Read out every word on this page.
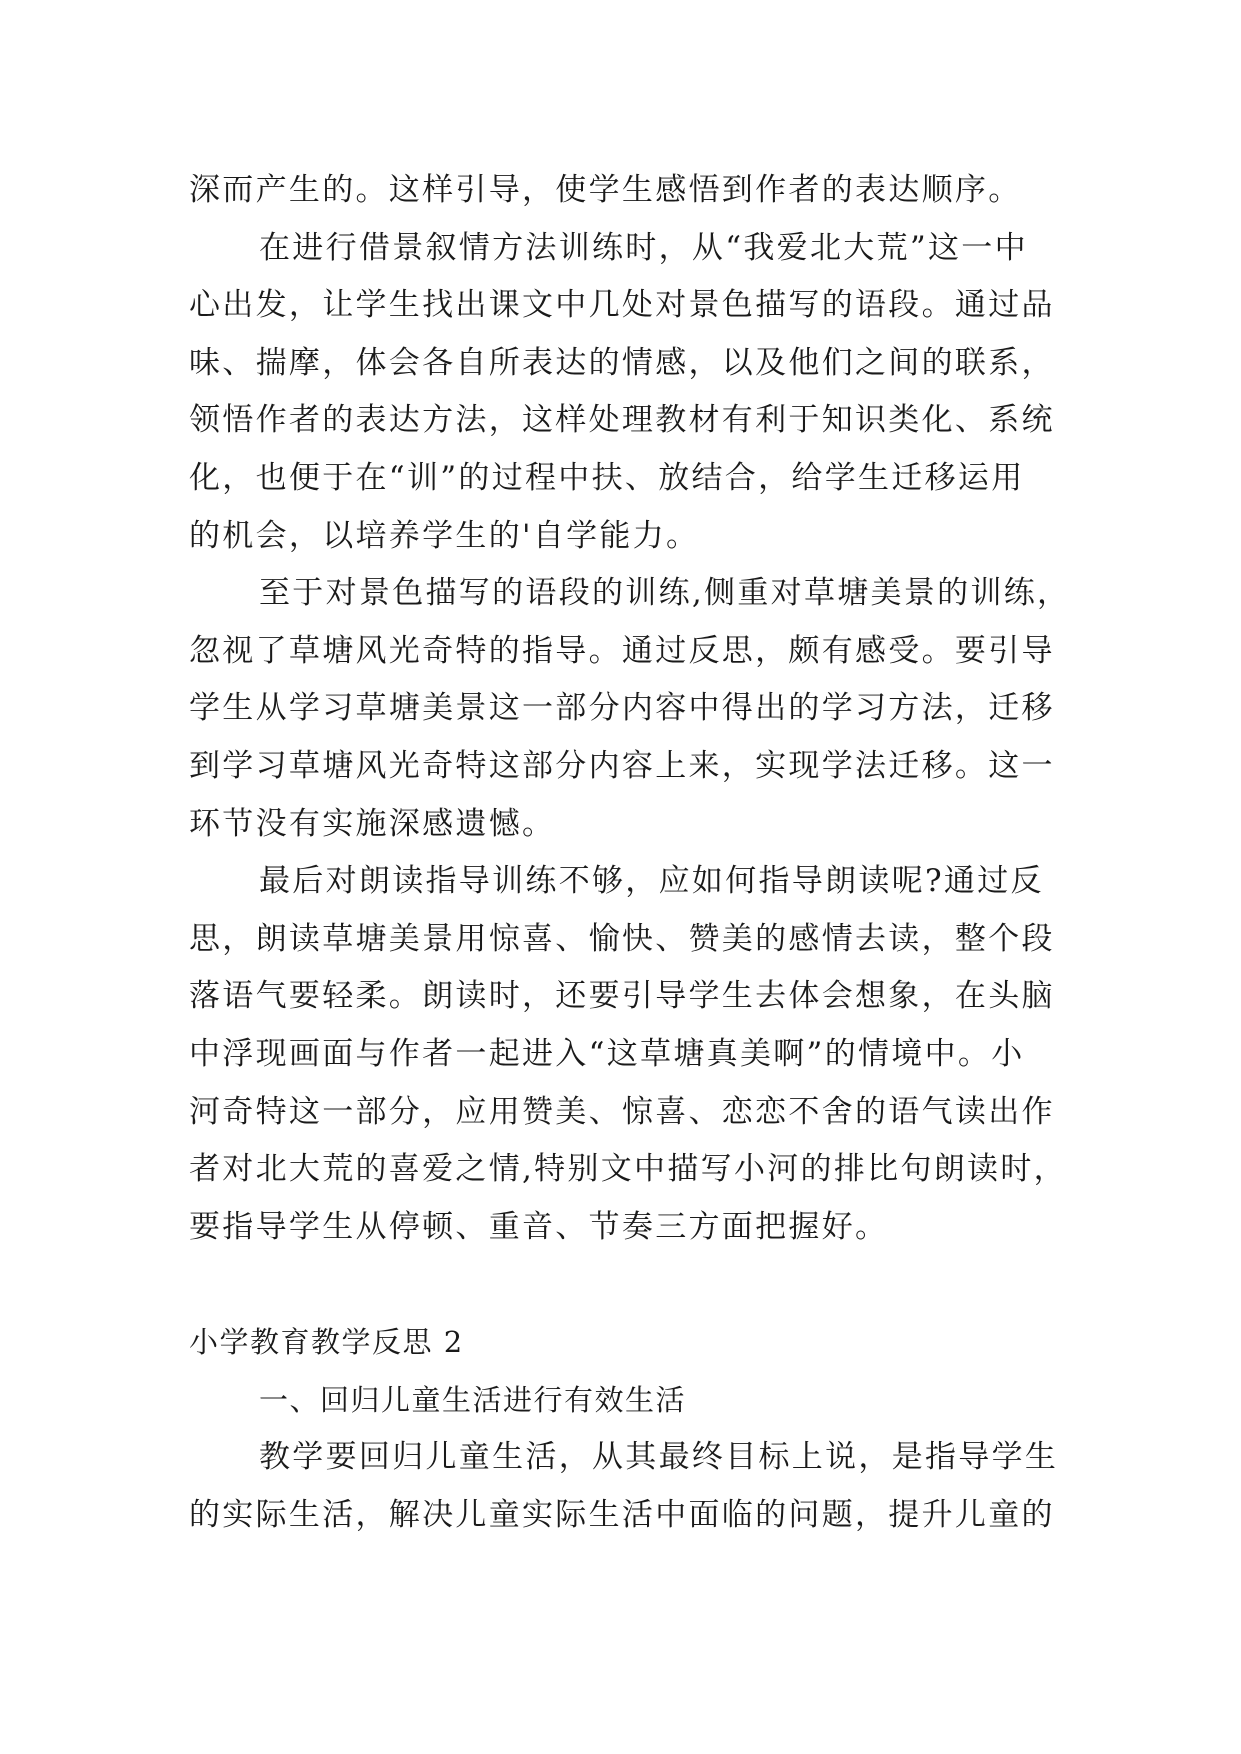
深而产生的。这样引导，使学生感悟到作者的表达顺序。
在进行借景叙情方法训练时，从“我爱北大荒”这一中
心出发，让学生找出课文中几处对景色描写的语段。通过品
味、揣摩，体会各自所表达的情感，以及他们之间的联系，
领悟作者的表达方法，这样处理教材有利于知识类化、系统
化，也便于在“训”的过程中扶、放结合，给学生迁移运用
的机会，以培养学生的'自学能力。
至于对景色描写的语段的训练,侧重对草塘美景的训练，
忽视了草塘风光奇特的指导。通过反思，颇有感受。要引导
学生从学习草塘美景这一部分内容中得出的学习方法，迁移
到学习草塘风光奇特这部分内容上来，实现学法迁移。这一
环节没有实施深感遗憾。
最后对朗读指导训练不够，应如何指导朗读呢?通过反
思，朗读草塘美景用惊喜、愉快、赞美的感情去读，整个段
落语气要轻柔。朗读时，还要引导学生去体会想象，在头脑
中浮现画面与作者一起进入“这草塘真美啊”的情境中。小
河奇特这一部分，应用赞美、惊喜、恋恋不舍的语气读出作
者对北大荒的喜爱之情,特别文中描写小河的排比句朗读时，
要指导学生从停顿、重音、节奏三方面把握好。
小学教育教学反思 2
一、回归儿童生活进行有效生活
教学要回归儿童生活，从其最终目标上说，是指导学生
的实际生活，解决儿童实际生活中面临的问题，提升儿童的
